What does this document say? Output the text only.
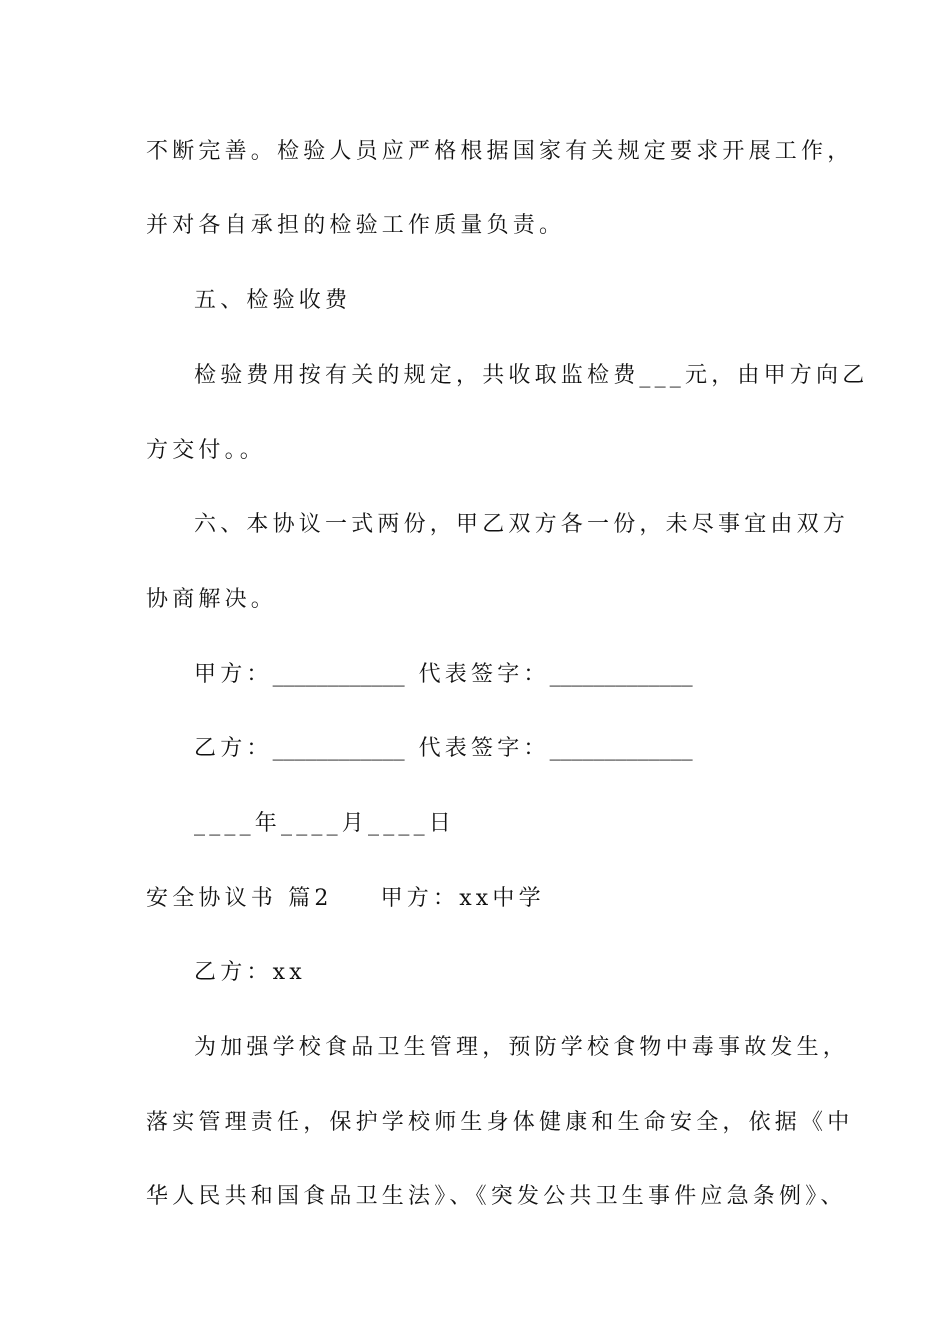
不断完善。检验人员应严格根据国家有关规定要求开展工作，
并对各自承担的检验工作质量负责。
五、检验收费
检验费用按有关的规定，共收取监检费___元，由甲方向乙
方交付。。
六、本协议一式两份，甲乙双方各一份，未尽事宜由双方
协商解决。
甲方：____________ 代表签字：_____________
乙方：____________ 代表签字：_____________
____年____月____日
安全协议书 篇2 甲方：xx中学
乙方：xx
为加强学校食品卫生管理，预防学校食物中毒事故发生，
落实管理责任，保护学校师生身体健康和生命安全，依据《中
华人民共和国食品卫生法》、《突发公共卫生事件应急条例》、
